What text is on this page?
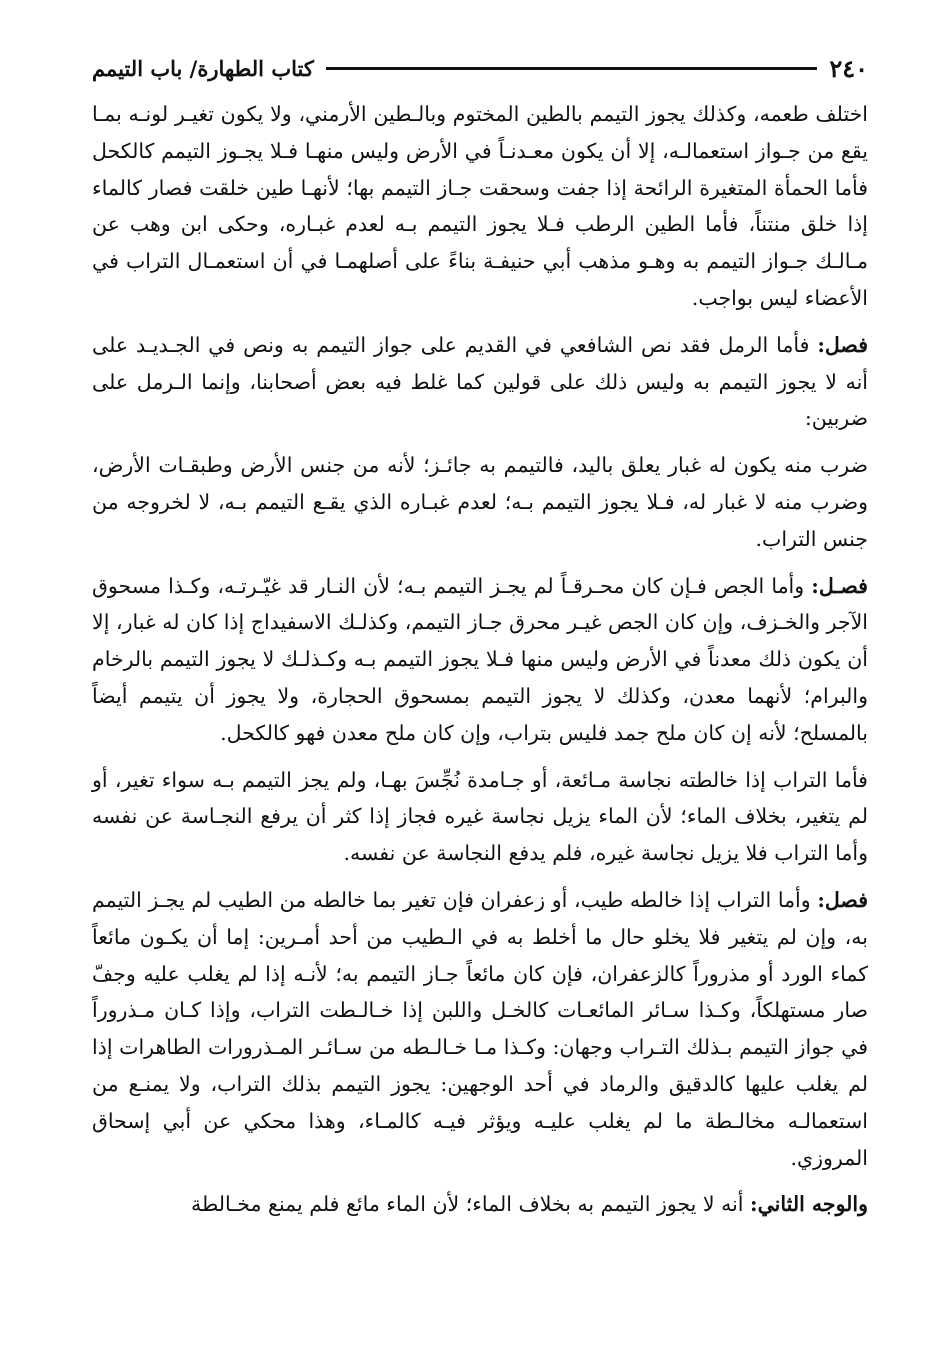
٢٤٠
كتاب الطهارة/ باب التيمم

اختلف طعمه، وكذلك يجوز التيمم بالطين المختوم وبالـطين الأرمني، ولا يكون تغيـر لونـه بمـا يقع من جـواز استعمالـه، إلا أن يكون معـدنـاً في الأرض وليس منهـا فـلا يجـوز التيمم كالكحل فأما الحمأة المتغيرة الرائحة إذا جفت وسحقت جـاز التيمم بها؛ لأنهـا طين خلقت فصار كالماء إذا خلق منتناً، فأما الطين الرطب فـلا يجوز التيمم بـه لعدم غبـاره، وحكى ابن وهب عن مـالـك جـواز التيمم به وهـو مذهب أبي حنيفـة بناءً على أصلهمـا في أن استعمـال التراب في الأعضاء ليس بواجب.

فصل: فأما الرمل فقد نص الشافعي في القديم على جواز التيمم به ونص في الجـديـد على أنه لا يجوز التيمم به وليس ذلك على قولين كما غلط فيه بعض أصحابنا، وإنما الـرمل على ضربين:

ضرب منه يكون له غبار يعلق باليد، فالتيمم به جائـز؛ لأنه من جنس الأرض وطبقـات الأرض، وضرب منه لا غبار له، فـلا يجوز التيمم بـه؛ لعدم غبـاره الذي يقـع التيمم بـه، لا لخروجه من جنس التراب.

فصـل: وأما الجص فـإن كان محـرقـاً لم يجـز التيمم بـه؛ لأن النـار قد غيّـرتـه، وكـذا مسحوق الآجر والخـزف، وإن كان الجص غيـر محرق جـاز التيمم، وكذلـك الاسفيداج إذا كان له غبار، إلا أن يكون ذلك معدناً في الأرض وليس منها فـلا يجوز التيمم بـه وكـذلـك لا يجوز التيمم بالرخام والبرام؛ لأنهما معدن، وكذلك لا يجوز التيمم بمسحوق الحجارة، ولا يجوز أن يتيمم أيضاً بالمسلح؛ لأنه إن كان ملح جمد فليس بتراب، وإن كان ملح معدن فهو كالكحل.

فأما التراب إذا خالطته نجاسة مـائعة، أو جـامدة نُجِّسَ بهـا، ولم يجز التيمم بـه سواء تغير، أو لم يتغير، بخلاف الماء؛ لأن الماء يزيل نجاسة غيره فجاز إذا كثر أن يرفع النجـاسة عن نفسه وأما التراب فلا يزيل نجاسة غيره، فلم يدفع النجاسة عن نفسه.

فصل: وأما التراب إذا خالطه طيب، أو زعفران فإن تغير بما خالطه من الطيب لم يجـز التيمم به، وإن لم يتغير فلا يخلو حال ما أخلط به في الـطيب من أحد أمـرين: إما أن يكـون مائعاً كماء الورد أو مذروراً كالزعفران، فإن كان مائعاً جـاز التيمم به؛ لأنـه إذا لم يغلب عليه وجفّ صار مستهلكاً، وكـذا سـائر المائعـات كالخـل واللبن إذا خـالـطت التراب، وإذا كـان مـذروراً في جواز التيمم بـذلك التـراب وجهان: وكـذا مـا خـالـطه من سـائـر المـذرورات الطاهرات إذا لم يغلب عليها كالدقيق والرماد في أحد الوجهين: يجوز التيمم بذلك التراب، ولا يمنـع من استعمالـه مخالـطة ما لم يغلب عليـه ويؤثر فيـه كالمـاء، وهذا محكي عن أبي إسحاق المروزي.

والوجه الثاني: أنه لا يجوز التيمم به بخلاف الماء؛ لأن الماء مائع فلم يمنع مخـالطة
